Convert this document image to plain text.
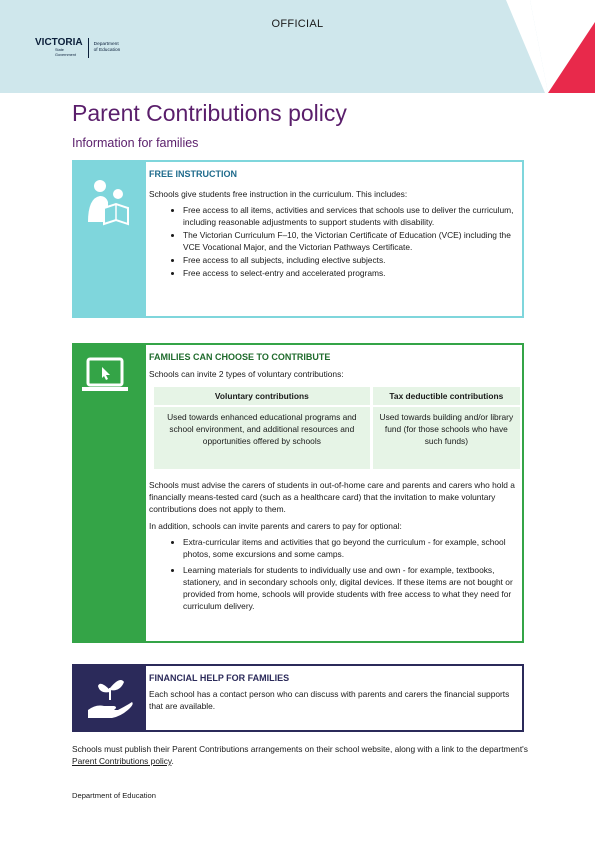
OFFICIAL
VICTORIA
State
Government
Department
of Education
Parent Contributions policy
Information for families
FREE INSTRUCTION

Schools give students free instruction in the curriculum. This includes:

• Free access to all items, activities and services that schools use to deliver the curriculum, including reasonable adjustments to support students with disability.
• The Victorian Curriculum F–10, the Victorian Certificate of Education (VCE) including the VCE Vocational Major, and the Victorian Pathways Certificate.
• Free access to all subjects, including elective subjects.
• Free access to select-entry and accelerated programs.
FAMILIES CAN CHOOSE TO CONTRIBUTE

Schools can invite 2 types of voluntary contributions:

Voluntary contributions	Tax deductible contributions
Used towards enhanced educational programs and school environment, and additional resources and opportunities offered by schools	Used towards building and/or library fund (for those schools who have such funds)

Schools must advise the carers of students in out-of-home care and parents and carers who hold a financially means-tested card (such as a healthcare card) that the invitation to make voluntary contributions does not apply to them.

In addition, schools can invite parents and carers to pay for optional:

• Extra-curricular items and activities that go beyond the curriculum - for example, school photos, some excursions and some camps.
• Learning materials for students to individually use and own - for example, textbooks, stationery, and in secondary schools only, digital devices. If these items are not bought or provided from home, schools will provide students with free access to what they need for curriculum delivery.
FINANCIAL HELP FOR FAMILIES

Each school has a contact person who can discuss with parents and carers the financial supports that are available.

Schools must publish their Parent Contributions arrangements on their school website, along with a link to the department's Parent Contributions policy.
Department of Education
